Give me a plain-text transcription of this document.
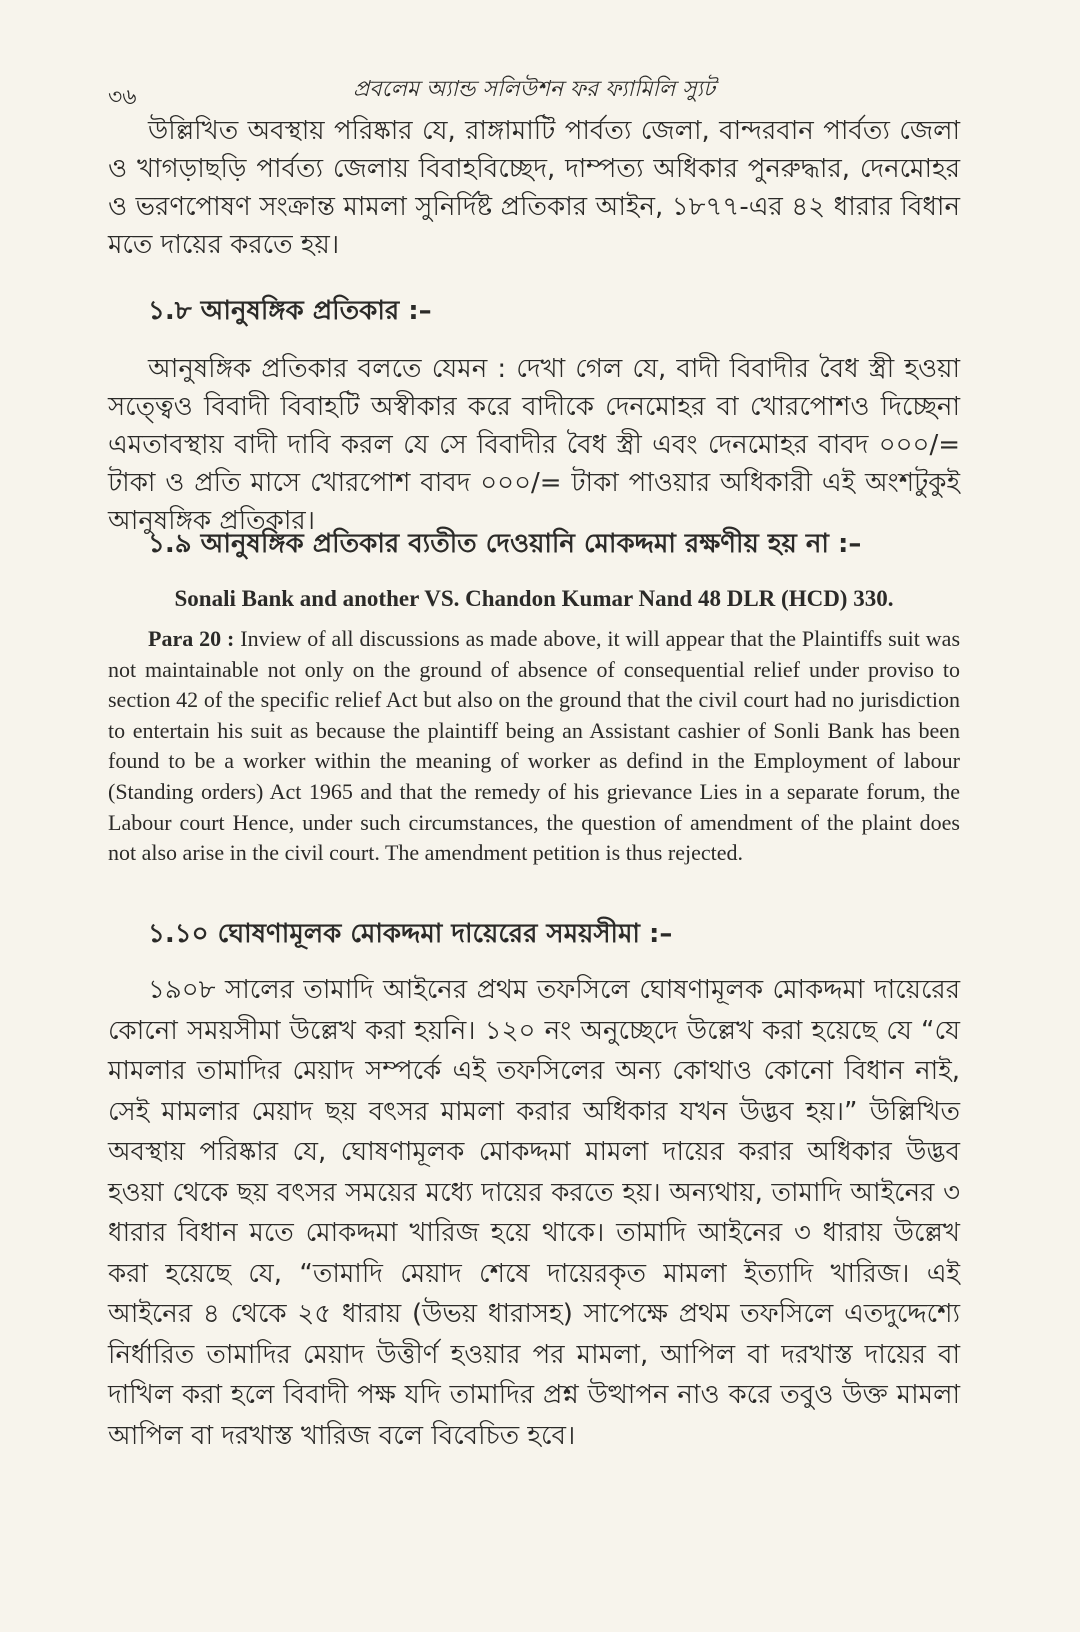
৩৬	প্রবলেম অ্যান্ড সলিউশন ফর ফ্যামিলি স্যুট

উল্লিখিত অবস্থায় পরিষ্কার যে, রাঙ্গামাটি পার্বত্য জেলা, বান্দরবান পার্বত্য জেলা ও খাগড়াছড়ি পার্বত্য জেলায় বিবাহবিচ্ছেদ, দাম্পত্য অধিকার পুনরুদ্ধার, দেনমোহর ও ভরণপোষণ সংক্রান্ত মামলা সুনির্দিষ্ট প্রতিকার আইন, ১৮৭৭-এর ৪২ ধারার বিধান মতে দায়ের করতে হয়।

১.৮ আনুষঙ্গিক প্রতিকার :–

আনুষঙ্গিক প্রতিকার বলতে যেমন : দেখা গেল যে, বাদী বিবাদীর বৈধ স্ত্রী হওয়া সত্ত্বেও বিবাদী বিবাহটি অস্বীকার করে বাদীকে দেনমোহর বা খোরপোশও দিচ্ছেনা এমতাবস্থায় বাদী দাবি করল যে সে বিবাদীর বৈধ স্ত্রী এবং দেনমোহর বাবদ ০০০/= টাকা ও প্রতি মাসে খোরপোশ বাবদ ০০০/= টাকা পাওয়ার অধিকারী এই অংশটুকুই আনুষঙ্গিক প্রতিকার।

১.৯ আনুষঙ্গিক প্রতিকার ব্যতীত দেওয়ানি মোকদ্দমা রক্ষণীয় হয় না :–
Sonali Bank and another VS. Chandon Kumar Nand 48 DLR (HCD) 330.

Para 20 : Inview of all discussions as made above, it will appear that the Plaintiffs suit was not maintainable not only on the ground of absence of consequential relief under proviso to section 42 of the specific relief Act but also on the ground that the civil court had no jurisdiction to entertain his suit as because the plaintiff being an Assistant cashier of Sonli Bank has been found to be a worker within the meaning of worker as defind in the Employment of labour (Standing orders) Act 1965 and that the remedy of his grievance Lies in a separate forum, the Labour court Hence, under such circumstances, the question of amendment of the plaint does not also arise in the civil court. The amendment petition is thus rejected.

১.১০ ঘোষণামূলক মোকদ্দমা দায়েরের সময়সীমা :–

১৯০৮ সালের তামাদি আইনের প্রথম তফসিলে ঘোষণামূলক মোকদ্দমা দায়েরের কোনো সময়সীমা উল্লেখ করা হয়নি। ১২০ নং অনুচ্ছেদে উল্লেখ করা হয়েছে যে “যে মামলার তামাদির মেয়াদ সম্পর্কে এই তফসিলের অন্য কোথাও কোনো বিধান নাই, সেই মামলার মেয়াদ ছয় বৎসর মামলা করার অধিকার যখন উদ্ভব হয়।” উল্লিখিত অবস্থায় পরিষ্কার যে, ঘোষণামূলক মোকদ্দমা মামলা দায়ের করার অধিকার উদ্ভব হওয়া থেকে ছয় বৎসর সময়ের মধ্যে দায়ের করতে হয়। অন্যথায়, তামাদি আইনের ৩ ধারার বিধান মতে মোকদ্দমা খারিজ হয়ে থাকে। তামাদি আইনের ৩ ধারায় উল্লেখ করা হয়েছে যে, “তামাদি মেয়াদ শেষে দায়েরকৃত মামলা ইত্যাদি খারিজ। এই আইনের ৪ থেকে ২৫ ধারায় (উভয় ধারাসহ) সাপেক্ষে প্রথম তফসিলে এতদুদ্দেশ্যে নির্ধারিত তামাদির মেয়াদ উত্তীর্ণ হওয়ার পর মামলা, আপিল বা দরখাস্ত দায়ের বা দাখিল করা হলে বিবাদী পক্ষ যদি তামাদির প্রশ্ন উত্থাপন নাও করে তবুও উক্ত মামলা আপিল বা দরখাস্ত খারিজ বলে বিবেচিত হবে।
